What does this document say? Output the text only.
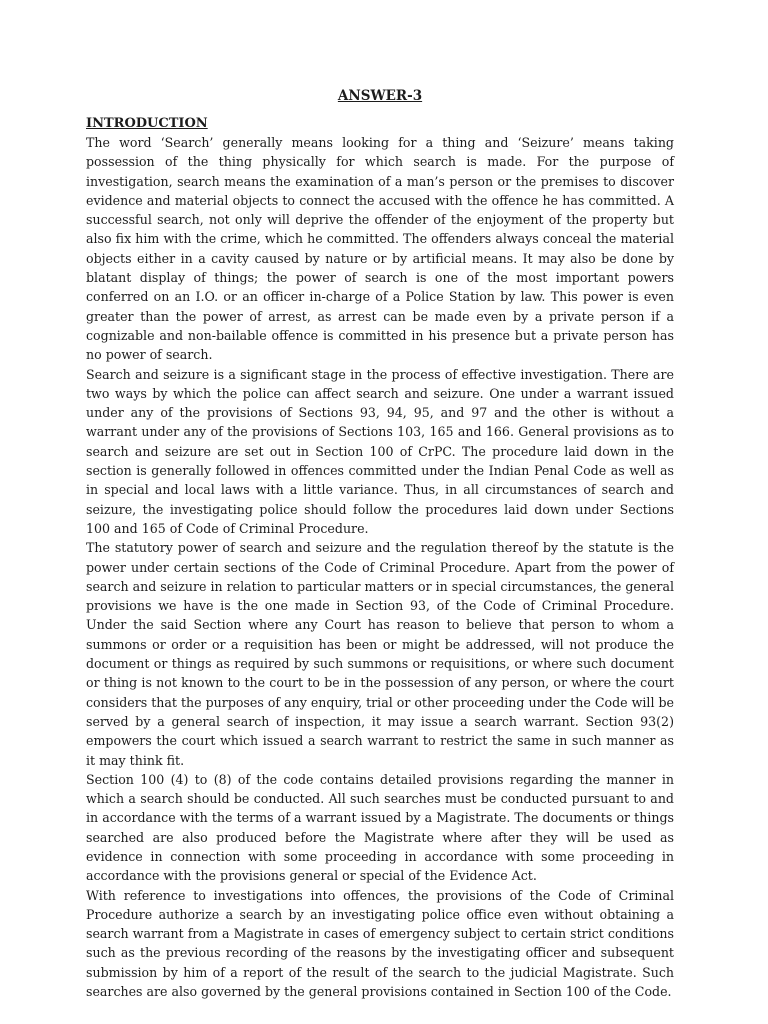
ANSWER-3
INTRODUCTION

The word ‘Search’ generally means looking for a thing and ‘Seizure’ means taking possession of the thing physically for which search is made. For the purpose of investigation, search means the examination of a man’s person or the premises to discover evidence and material objects to connect the accused with the offence he has committed. A successful search, not only will deprive the offender of the enjoyment of the property but also fix him with the crime, which he committed. The offenders always conceal the material objects either in a cavity caused by nature or by artificial means. It may also be done by blatant display of things; the power of search is one of the most important powers conferred on an I.O. or an officer in-charge of a Police Station by law. This power is even greater than the power of arrest, as arrest can be made even by a private person if a cognizable and non-bailable offence is committed in his presence but a private person has no power of search.

Search and seizure is a significant stage in the process of effective investigation. There are two ways by which the police can affect search and seizure. One under a warrant issued under any of the provisions of Sections 93, 94, 95, and 97 and the other is without a warrant under any of the provisions of Sections 103, 165 and 166. General provisions as to search and seizure are set out in Section 100 of CrPC. The procedure laid down in the section is generally followed in offences committed under the Indian Penal Code as well as in special and local laws with a little variance. Thus, in all circumstances of search and seizure, the investigating police should follow the procedures laid down under Sections 100 and 165 of Code of Criminal Procedure.

The statutory power of search and seizure and the regulation thereof by the statute is the power under certain sections of the Code of Criminal Procedure. Apart from the power of search and seizure in relation to particular matters or in special circumstances, the general provisions we have is the one made in Section 93, of the Code of Criminal Procedure. Under the said Section where any Court has reason to believe that person to whom a summons or order or a requisition has been or might be addressed, will not produce the document or things as required by such summons or requisitions, or where such document or thing is not known to the court to be in the possession of any person, or where the court considers that the purposes of any enquiry, trial or other proceeding under the Code will be served by a general search of inspection, it may issue a search warrant. Section 93(2) empowers the court which issued a search warrant to restrict the same in such manner as it may think fit.

Section 100 (4) to (8) of the code contains detailed provisions regarding the manner in which a search should be conducted. All such searches must be conducted pursuant to and in accordance with the terms of a warrant issued by a Magistrate. The documents or things searched are also produced before the Magistrate where after they will be used as evidence in connection with some proceeding in accordance with some proceeding in accordance with the provisions general or special of the Evidence Act.

With reference to investigations into offences, the provisions of the Code of Criminal Procedure authorize a search by an investigating police office even without obtaining a search warrant from a Magistrate in cases of emergency subject to certain strict conditions such as the previous recording of the reasons by the investigating officer and subsequent submission by him of a report of the result of the search to the judicial Magistrate. Such searches are also governed by the general provisions contained in Section 100 of the Code.
